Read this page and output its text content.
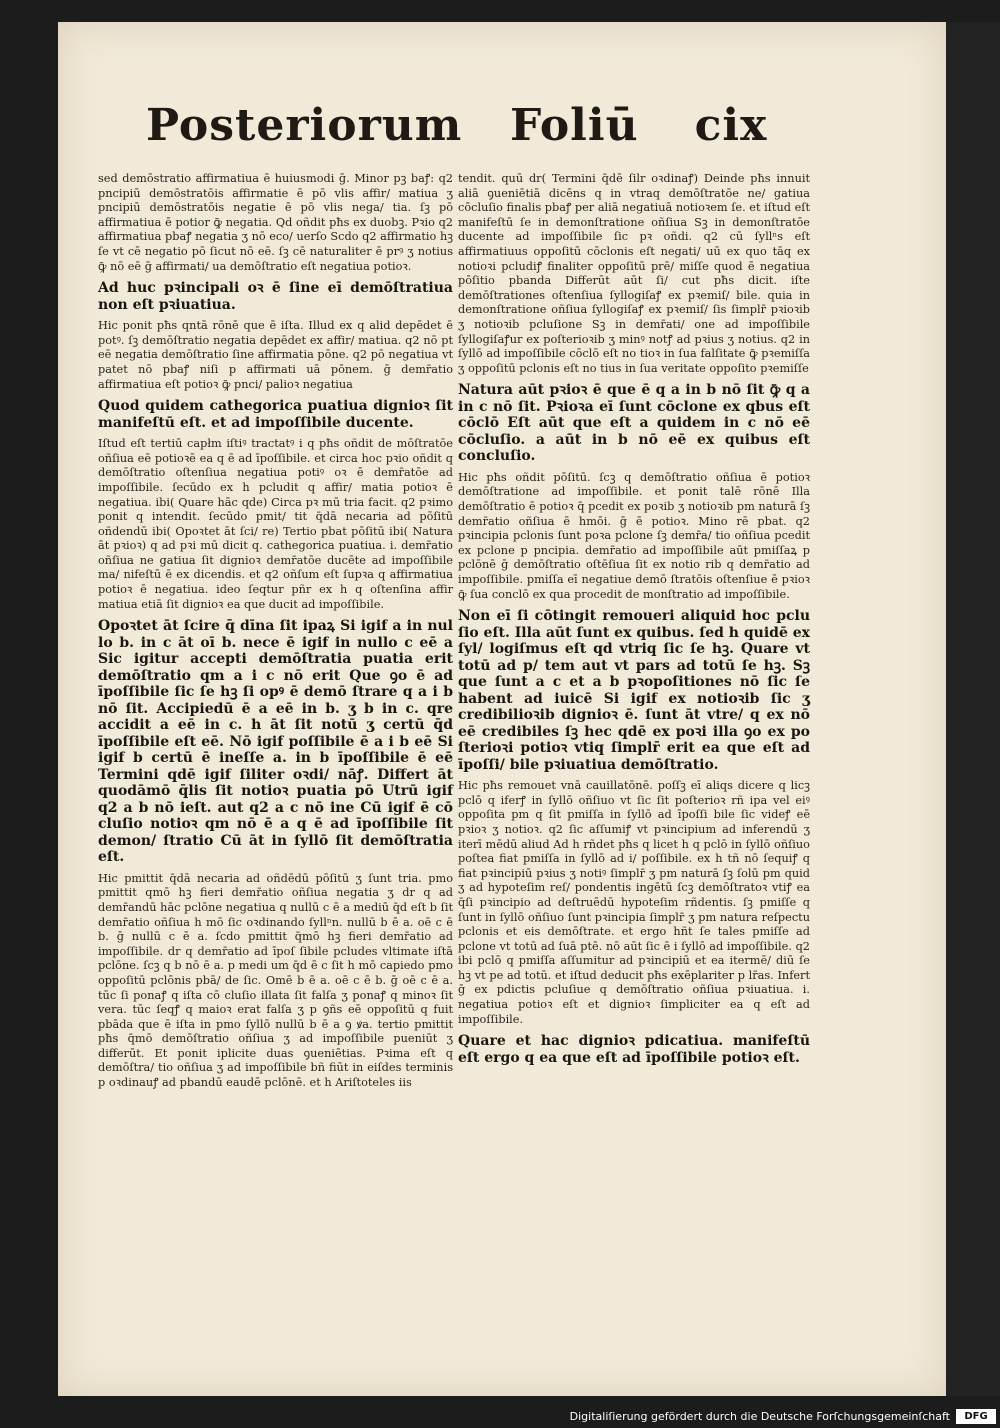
Posteriorum Foliū cix

sed demōstratio affirmatiua ē huiusmodi ḡ. Minor pꝫ baꝭ: q2 pncipiū demōstratōis affirmatie ē pō vlis affir/ matiua ʒ pncipiū demōstratōis negatie ē pō vlis nega/ tia. ſꝫ pō affirmatiua ē potior ꝙ̄ negatia. Qd oñdit pħs ex duobꝫ. Pꝛio q2 affirmatiua pbaꝭ negatia ʒ nō eco/ uerſo Scdo q2 affirmatio hꝫ ſe vt cē negatio pō ſicut nō eē. ſꝫ cē naturaliter ē prꝰ ʒ notius ꝙ̄ nō eē ḡ affirmati/ ua demōſtratio eſt negatiua potioꝛ.

Ad huc pꝛincipali oꝛ ē ſine eī demōſtratiua non eſt pꝛiuatiua.

Hic ponit pħs qntā rōnē que ē iſta. Illud ex q alid depēdet ē potꝰ. ſꝫ demōſtratio negatia depēdet ex affir/ matiua. q2 nō pt eē negatia demōſtratio ſine affirmatia pōne. q2 pō negatiua vt patet nō pbaꝭ niſi p affirmati uā pōnem. ḡ demr̄atio affirmatiua eſt potioꝛ ꝙ̄ pnci/ palioꝛ negatiua

Quod quidem cathegorica puatiua dignioꝛ ſit manifeſtū eſt. et ad impoſſibile ducente.

Iſtud eſt tertiū capłm iſtiꝰ tractatꝰ i q pħs oñdit de mōſtratōe oñſiua eē potioꝛē ea q ē ad īpoſſibile. et circa hoc pꝛio oñdit q demōſtratio oſtenſiua negatiua potiꝰ oꝛ ē demr̄atōe ad impoſſibile. ſecūdo ex h pcludit q affir/ matia potioꝛ ē negatiua. ibi( Quare hāc qde) Circa pꝛ mū tria facit. q2 pꝛimo ponit q intendit. ſecūdo pmit/ tit q̄dā necaria ad pōſitū oñdendū ibi( Opoꝛtet āt ſci/ re) Tertio pbat pōſitū ibi( Natura āt pꝛioꝛ) q ad pꝛi mū dicit q. cathegorica puatiua. i. demr̄atio oñſiua ne gatiua ſit dignioꝛ demr̄atōe ducēte ad impoſſibile ma/ nifeſtū ē ex dicendis. et q2 oñſum eſt ſupꝛa q affirmatiua potioꝛ ē negatiua. ideo ſeqtur pñr ex h q oſtenſina affir matiua etiā ſit dignioꝛ ea que ducit ad impoſſibile.

Opoꝛtet āt ſcire q̄ dīna ſit ipaꝝ Si igif a in nul lo b. in c āt oī b. nece ē igif in nullo c eē a Sic igitur accepti demōſtratia puatia erit demōſtratio qm a i c nō erit Que ꝯo ē ad īpoſſibile ſic ſe hꝫ ſi opꝰ ē demō ſtrare q a i b nō ſit. Accipiedū ē a eē in b. ʒ b in c. qre accidit a eē in c. h āt ſit notū ʒ certū q̄d īpoſſibile eſt eē. Nō igif poſſibile ē a i b eē Si igif b certū ē ineſſe a. in b īpoſſibile ē eē Termini qdē igif ſiliter oꝛdi/ nāꝭ. Differt āt quodāmō q̄lis ſit notioꝛ puatia pō Utrū igif q2 a b nō ieſt. aut q2 a c nō ine Cū igif ē cō cluſio notioꝛ qm nō ē a q ē ad īpoſſibile ſit demon/ ſtratio Cū āt in ſyllō ſit demōſtratia eſt.

Hic pmittit q̄dā necaria ad oñdēdū pōſitū ʒ ſunt tria. pmo pmittit qmō hꝫ fieri demr̄atio oñſiua negatia ʒ dr q ad demr̄andū hāc pclōne negatiua q nullū c ē a mediū q̄d eſt b ſit demr̄atio oñſiua h mō ſic oꝛdinando ſyllⁿn. nullū b ē a. oē c ē b. ḡ nullū c ē a. ſcdo pmittit q̄mō hꝫ fieri demr̄atio ad impoſſibile. dr q demr̄atio ad īpoſ ſibile pcludes vltimate iſtā pclōne. ſcꝫ q b nō ē a. p medi um q̄d ē c ſit h mō capiedo pmo oppoſitū pclōnis pbā/ de ſic. Omē b ē a. oē c ē b. ḡ oē c ē a. tūc ſi ponaꝭ q iſta cō cluſio illata ſit falſa ʒ ponaꝭ q minoꝛ ſit vera. tūc ſeqꝭ q maioꝛ erat falſa ʒ p ꝯñs eē oppoſitū q fuit pbāda que ē iſta in pmo ſyllō nullū b ē a ꝯ ꝟa. tertio pmittit pħs q̄mō demōſtratio oñſiua ʒ ad impoſſibile pueniūt ʒ differūt. Et ponit iplicite duas ꝯueniētias. Pꝛima eſt q demōſtra/ tio oñſiua ʒ ad impoſſibile bñ fiūt in eiſdes terminis p oꝛdinauꝭ ad pbandū eaudē pclōnē. et h Ariſtoteles iis

tendit. quū dr( Termini q̄dē ſilr oꝛdinaꝭ) Deinde pħs innuit aliā ꝯueniētiā dicēns q in vtraq demōſtratōe ne/ gatiua cōcluſio finalis pbaꝭ per aliā negatiuā notioꝛem ſe. et iſtud eſt manifeſtū ſe in demonſtratione oñſiua Sꝫ in demonſtratōe ducente ad impoſſibile ſic pꝛ oñdi. q2 cū ſyllⁿs eſt affirmatiuus oppoſitū cōclonis eſt negati/ uū ex quo tāq ex notioꝛi pcludiꝭ finaliter oppoſitū prē/ miſſe quod ē negatiua pōſitio pbanda Differūt aūt ſi/ cut pħs dicit. iſte demōſtrationes oſtenſiua ſyllogiſaꝭ ex pꝛemiſ/ bile. quia in demonſtratione oñſiua ſyllogiſaꝭ ex pꝛemiſ/ ſis ſimplr̄ pꝛioꝛib ʒ notioꝛib pcluſione Sꝫ in demr̄ati/ one ad impoſſibile ſyllogiſaꝭur ex poſterioꝛib ʒ minꝰ notꝭ ad pꝛius ʒ notius. q2 in ſyllō ad impoſſibile cōclō eſt no tioꝛ in ſua falſitate ꝙ̄ pꝛemiſſa ʒ oppoſitū pclonis eſt no tius in ſua veritate oppoſito pꝛemiſſe

Natura aūt pꝛioꝛ ē que ē q a in b nō ſit ꝙ̄ q a in c nō ſit. Pꝛioꝛa eī ſunt cōclone ex qbus eſt cōclō Eſt aūt que eſt a quidem in c nō eē cōcluſio. a aūt in b nō eē ex quibus eſt concluſio.

Hic pħs oñdit pōſitū. ſcꝫ q demōſtratio oñſiua ē potioꝛ demōſtratione ad impoſſibile. et ponit talē rōnē Illa demōſtratio ē potioꝛ q̄ pcedit ex poꝛib ʒ notioꝛib pm naturā ſꝫ demr̄atio oñſiua ē hmōi. ḡ ē potioꝛ. Mino rē pbat. q2 pꝛincipia pclonis ſunt poꝛa pclone ſꝫ demr̄a/ tio oñſiua pcedit ex pclone p pncipia. demr̄atio ad impoſſibile aūt pmiſſaꝝ p pclōnē ḡ demōſtratio oſtēſiua ſit ex notio rib q demr̄atio ad impoſſibile. pmiſſa eī negatiue demō ſtratōis oſtenſiue ē pꝛioꝛ ꝙ̄ ſua conclō ex qua procedit de monſtratio ad impoſſibile.

Non eī ſi cōtingit remoueri aliquid hoc pclu ſio eſt. Illa aūt ſunt ex quibus. ſed h quidē ex ſyl/ logiſmus eſt qd vtriq ſic ſe hꝫ. Quare vt totū ad p/ tem aut vt pars ad totū ſe hꝫ. Sꝫ que ſunt a c et a b pꝛopoſitiones nō ſic ſe habent ad iuicē Si igif ex notioꝛib ſic ʒ credibilioꝛib dignioꝛ ē. ſunt āt vtre/ q ex nō eē credibiles ſꝫ hec qdē ex poꝛi illa ꝯo ex po ſterioꝛi potioꝛ vtiq ſimplr̄ erit ea que eſt ad īpoſſi/ bile pꝛiuatiua demōſtratio.

Hic pħs remouet vnā cauillatōnē. poſſꝫ eī aliqs dicere q licꝫ pclō q iferꝭ in ſyllō oñſiuo vt ſic ſit poſterioꝛ rñ ipa vel eiꝰ oppoſita pm q ſit pmiſſa in ſyllō ad īpoſſi bile ſic videꝭ eē pꝛioꝛ ʒ notioꝛ. q2 ſic aſſumiꝭ vt pꝛincipium ad inferendū ʒ iterī mēdū aliud Ad h rñdet pħs q licet h q pclō in ſyllō oñſiuo poſtea fiat pmiſſa in ſyllō ad i/ poſſibile. ex h tñ nō ſequiꝭ q fiat pꝛincipiū pꝛius ʒ notiꝰ ſimplr̄ ʒ pm naturā ſꝫ ſolū pm quid ʒ ad hypoteſim reſ/ pondentis ingētū ſcꝫ demōſtratoꝛ vtiꝭ ea q̄ſi pꝛincipio ad deſtruēdū hypoteſim rñdentis. ſꝫ pmiſſe q ſunt in ſyllō oñſiuo ſunt pꝛincipia ſimplr̄ ʒ pm natura reſpectu pclonis et eis demōſtrate. et ergo hñt ſe tales pmiſſe ad pclone vt totū ad ſuā ptē. nō aūt ſic ē i ſyllō ad impoſſibile. q2 ibi pclō q pmiſſa aſſumitur ad pꝛincipiū et ea itermē/ diū ſe hꝫ vt pe ad totū. et iſtud deducit pħs exēplariter p lr̄as. Infert ḡ ex pdictis pcluſiue q demōſtratio oñſiua pꝛiuatiua. i. negatiua potioꝛ eſt et dignioꝛ ſimpliciter ea q eſt ad impoſſibile.

Quare et hac dignioꝛ pdicatiua. manifeſtū eſt ergo q ea que eſt ad īpoſſibile potioꝛ eſt.

Digitaliſierung gefördert durch die Deutsche Forſchungsgemeinſchaft	DFG
